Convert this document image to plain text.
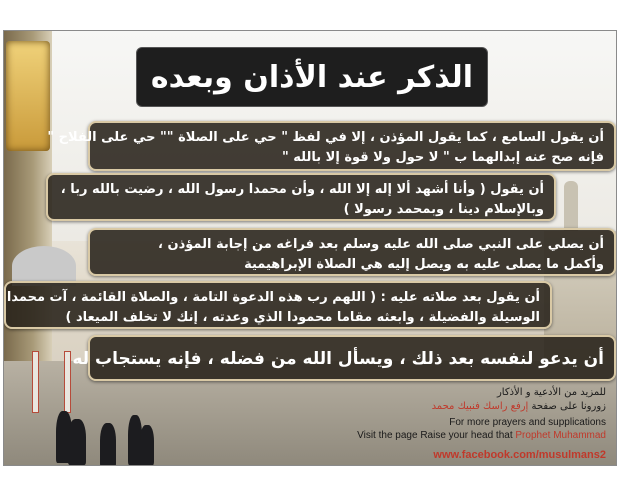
الذكر عند الأذان وبعده
أن يقول السامع ، كما يقول المؤذن ، إلا في لفظ " حي على الصلاة "" حي على الفلاح "
فإنه صح عنه إبدالهما ب " لا حول ولا قوة إلا بالله "
أن يقول ( وأنا أشهد ألا إله إلا الله ، وأن محمدا رسول الله ، رضيت بالله ربا ،
وبالإسلام دينا ، وبمحمد رسولا )
أن يصلي على النبي صلى الله عليه وسلم بعد فراغه من إجابة المؤذن ،
وأكمل ما يصلى عليه به ويصل إليه هي الصلاة الإبراهيمية
أن يقول بعد صلاته عليه : ( اللهم رب هذه الدعوة التامة ، والصلاة القائمة ، آت محمدا
الوسيلة والفضيلة ، وابعثه مقاما محمودا الذي وعدته ، إنك لا تخلف الميعاد )
أن يدعو لنفسه بعد ذلك ، ويسأل الله من فضله ، فإنه يستجاب له
للمزيد من الأدعية و الأذكار
زورونا على صفحة إرفع راسك فنبيك محمد
For more prayers and supplications
Visit the page Raise your head that Prophet Muhammad
www.facebook.com/musulmans2
